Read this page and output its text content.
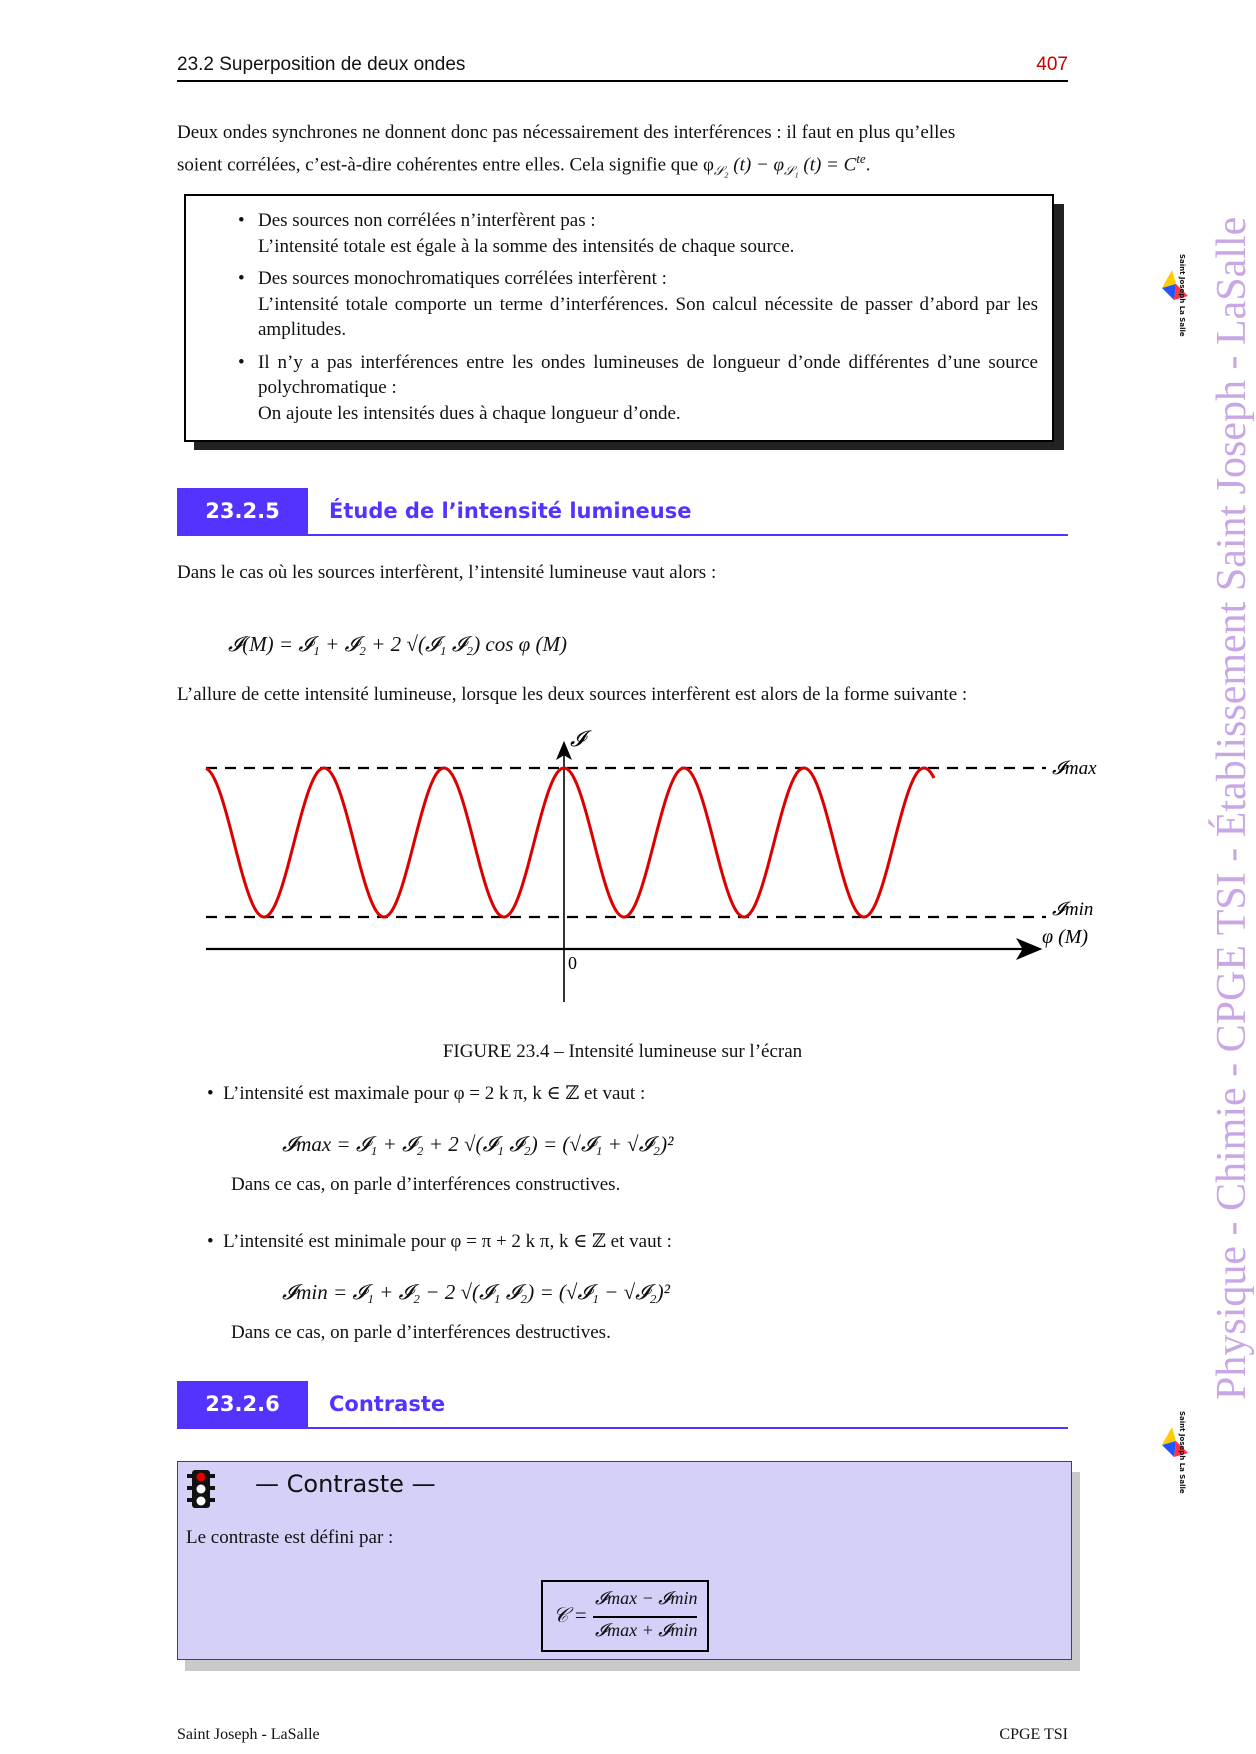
23.2 Superposition de deux ondes	407
Deux ondes synchrones ne donnent donc pas nécessairement des interférences : il faut en plus qu’elles
soient corrélées, c’est-à-dire cohérentes entre elles. Cela signifie que $\varphi_{𝒮_2}$ $(t) - \varphi_{𝒮_1}$ $(t) = C^{te}$.
• Des sources non corrélées n’interfèrent pas :
L’intensité totale est égale à la somme des intensités de chaque source.
• Des sources monochromatiques corrélées interfèrent :
L’intensité totale comporte un terme d’interférences. Son calcul nécessite de passer d’abord par les amplitudes.
• Il n’y a pas interférences entre les ondes lumineuses de longueur d’onde différentes d’une source polychromatique :
On ajoute les intensités dues à chaque longueur d’onde.
23.2.5	Étude de l’intensité lumineuse
Dans le cas où les sources interfèrent, l’intensité lumineuse vaut alors :
𝓘(M) = 𝓘₁ + 𝓘₂ + 2 √(𝓘₁ 𝓘₂) cos φ (M)
L’allure de cette intensité lumineuse, lorsque les deux sources interfèrent est alors de la forme suivante :
𝓘
𝓘max
𝓘min
φ (M)
0
FIGURE 23.4 – Intensité lumineuse sur l’écran
•  L’intensité est maximale pour φ = 2 k π, k ∈ ℤ et vaut :
𝓘max = 𝓘₁ + 𝓘₂ + 2 √(𝓘₁ 𝓘₂) = (√𝓘₁ + √𝓘₂)²
Dans ce cas, on parle d’interférences constructives.
•  L’intensité est minimale pour φ = π + 2 k π, k ∈ ℤ et vaut :
𝓘min = 𝓘₁ + 𝓘₂ − 2 √(𝓘₁ 𝓘₂) = (√𝓘₁ − √𝓘₂)²
Dans ce cas, on parle d’interférences destructives.
23.2.6	Contraste
— Contraste —
Le contraste est défini par :
𝒞 =
𝓘max − 𝓘min
𝓘max + 𝓘min
Physique - Chimie - CPGE TSI - Établissement Saint Joseph - LaSalle
Saint Joseph La Salle
Saint Joseph La Salle
Saint Joseph - LaSalle	CPGE TSI
